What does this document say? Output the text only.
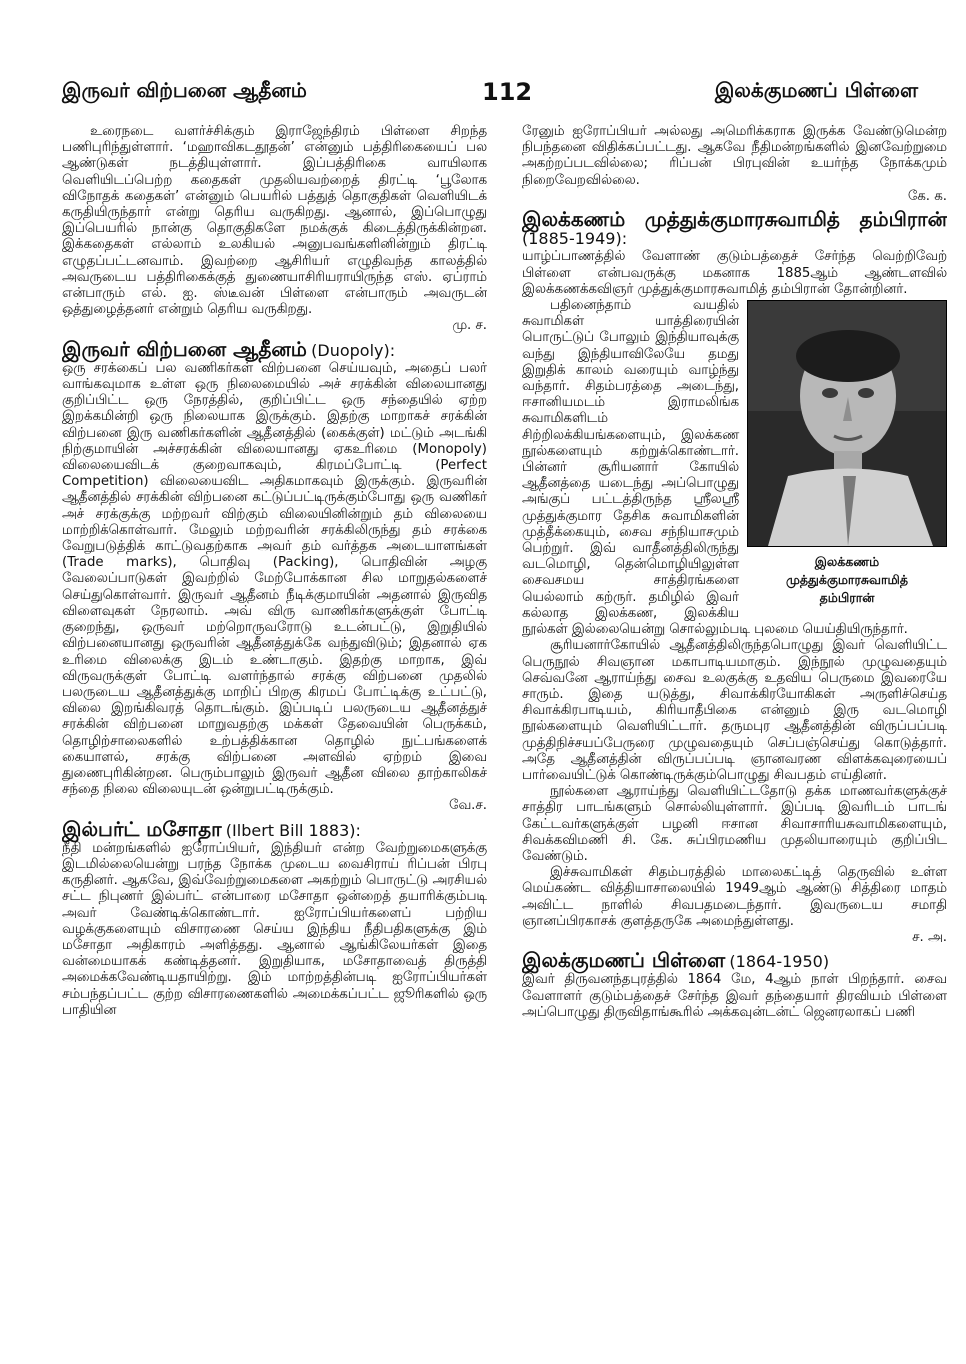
இருவர் விற்பனை ஆதீனம்	112	இலக்குமணப் பிள்ளை

உரைநடை வளர்ச்சிக்கும் இராஜேந்திரம் பிள்ளை சிறந்த பணிபுரிந்துள்ளார். ‘மஹாவிகடதூதன்’ என்னும் பத்திரிகையைப் பல ஆண்டுகள் நடத்தியுள்ளார். இப்பத்திரிகை வாயிலாக வெளியிடப்பெற்ற கதைகள் முதலியவற்றைத் திரட்டி ‘பூலோக விநோதக் கதைகள்’ என்னும் பெயரில் பத்துத் தொகுதிகள் வெளியிடக் கருதியிருந்தார் என்று தெரிய வருகிறது. ஆனால், இப்பொழுது இப்பெயரில் நான்கு தொகுதிகளே நமக்குக் கிடைத்திருக்கின்றன. இக்கதைகள் எல்லாம் உலகியல் அனுபவங்களினின்றும் திரட்டி எழுதப்பட்டனவாம். இவற்றை ஆசிரியர் எழுதிவந்த காலத்தில் அவருடைய பத்திரிகைக்குத் துணையாசிரியராயிருந்த எஸ். ஏப்ராம் என்பாரும் எல். ஐ. ஸ்டீவன் பிள்ளை என்பாரும் அவருடன் ஒத்துழைத்தனர் என்றும் தெரிய வருகிறது.

மு. ச.

இருவர் விற்பனை ஆதீனம் (Duopoly):

ஒரு சரக்கைப் பல வணிகர்கள் விற்பனை செய்யவும், அதைப் பலர் வாங்கவுமாக உள்ள ஒரு நிலைமையில் அச் சரக்கின் விலையானது குறிப்பிட்ட ஒரு நேரத்தில், குறிப்பிட்ட ஒரு சந்தையில் ஏற்ற இறக்கமின்றி ஒரு நிலையாக இருக்கும். இதற்கு மாறாகச் சரக்கின் விற்பனை இரு வணிகர்களின் ஆதீனத்தில் (கைக்குள்) மட்டும் அடங்கி நிற்குமாயின் அச்சரக்கின் விலையானது ஏகஉரிமை (Monopoly) விலையைவிடக் குறைவாகவும், கிரமப்போட்டி (Perfect Competition) விலையைவிட அதிகமாகவும் இருக்கும். இருவரின் ஆதீனத்தில் சரக்கின் விற்பனை கட்டுப்பட்டிருக்கும்போது ஒரு வணிகர் அச் சரக்குக்கு மற்றவர் விற்கும் விலையினின்றும் தம் விலையை மாற்றிக்கொள்வார். மேலும் மற்றவரின் சரக்கிலிருந்து தம் சரக்கை வேறுபடுத்திக் காட்டுவதற்காக அவர் தம் வர்த்தக அடையாளங்கள் (Trade marks), பொதிவு (Packing), பொதிவின் அழகு வேலைப்பாடுகள் இவற்றில் மேற்போக்கான சில மாறுதல்களைச் செய்துகொள்வார். இருவர் ஆதீனம் நீடிக்குமாயின் அதனால் இருவித விளைவுகள் நேரலாம். அவ் விரு வாணிகர்களுக்குள் போட்டி குறைந்து, ஒருவர் மற்றொருவரோடு உடன்பட்டு, இறுதியில் விற்பனையானது ஒருவரின் ஆதீனத்துக்கே வந்துவிடும்; இதனால் ஏக உரிமை விலைக்கு இடம் உண்டாகும். இதற்கு மாறாக, இவ் விருவருக்குள் போட்டி வளர்ந்தால் சரக்கு விற்பனை முதலில் பலருடைய ஆதீனத்துக்கு மாறிப் பிறகு கிரமப் போட்டிக்கு உட்பட்டு, விலை இறங்கிவரத் தொடங்கும். இப்படிப் பலருடைய ஆதீனத்துச் சரக்கின் விற்பனை மாறுவதற்கு மக்கள் தேவையின் பெருக்கம், தொழிற்சாலைகளில் உற்பத்திக்கான தொழில் நுட்பங்களைக் கையாளல், சரக்கு விற்பனை அளவில் ஏற்றம் இவை துணைபுரிகின்றன. பெரும்பாலும் இருவர் ஆதீன விலை தாற்காலிகச் சந்தை நிலை விலையுடன் ஒன்றுபட்டிருக்கும்.

வே.ச.

இல்பர்ட் மசோதா (Ilbert Bill 1883):

நீதி மன்றங்களில் ஐரோப்பியர், இந்தியர் என்ற வேற்றுமைகளுக்கு இடமில்லையென்று பரந்த நோக்க முடைய வைசிராய் ரிப்பன் பிரபு கருதினர். ஆகவே, இவ்வேற்றுமைகளை அகற்றும் பொருட்டு அரசியல் சட்ட நிபுணர் இல்பர்ட் என்பாரை மசோதா ஒன்றைத் தயாரிக்கும்படி அவர் வேண்டிக்கொண்டார். ஐரோப்பியர்களைப் பற்றிய வழக்குகளையும் விசாரணை செய்ய இந்திய நீதிபதிகளுக்கு இம் மசோதா அதிகாரம் அளித்தது. ஆனால் ஆங்கிலேயர்கள் இதை வன்மையாகக் கண்டித்தனர். இறுதியாக, மசோதாவைத் திருத்தி அமைக்கவேண்டியதாயிற்று. இம் மாற்றத்தின்படி ஐரோப்பியர்கள் சம்பந்தப்பட்ட குற்ற விசாரணைகளில் அமைக்கப்பட்ட ஜூரிகளில் ஒரு பாதியின

ரேனும் ஐரோப்பியர் அல்லது அமெரிக்கராக இருக்க வேண்டுமென்ற நிபந்தனை விதிக்கப்பட்டது. ஆகவே நீதிமன்றங்களில் இனவேற்றுமை அகற்றப்படவில்லை; ரிப்பன் பிரபுவின் உயர்ந்த நோக்கமும் நிறைவேறவில்லை.

கே. க.

இலக்கணம் முத்துக்குமாரசுவாமித் தம்பிரான் (1885-1949):

யாழ்ப்பாணத்தில் வேளாண் குடும்பத்தைச் சேர்ந்த வெற்றிவேற் பிள்ளை என்பவருக்கு மகனாக 1885ஆம் ஆண்டளவில் இலக்கணக்கவிஞர் முத்துக்குமாரசுவாமித் தம்பிரான் தோன்றினர்.

இலக்கணம்
முத்துக்குமாரசுவாமித்
தம்பிரான்

பதினைந்தாம் வயதில் சுவாமிகள் யாத்திரையின் பொருட்டுப் போலும் இந்தியாவுக்கு வந்து இந்தியாவிலேயே தமது இறுதிக் காலம் வரையும் வாழ்ந்து வந்தார். சிதம்பரத்தை அடைந்து, ஈசானியமடம் இராமலிங்க சுவாமிகளிடம் சிற்றிலக்கியங்களையும், இலக்கண நூல்களையும் கற்றுக்கொண்டார். பின்னர் சூரியனார் கோயில் ஆதீனத்தை யடைந்து அப்பொழுது அங்குப் பட்டத்திருந்த ஸ்ரீலஸ்ரீ முத்துக்குமார தேசிக சுவாமிகளின் முத்தீக்கையும், சைவ சந்நியாசமும் பெற்றுர். இவ் வாதீனத்திலிருந்து வடமொழி, தென்மொழியிலுள்ள சைவசமய சாத்திரங்களை யெல்லாம் கற்ருர். தமிழில் இவர் கல்லாத இலக்கண, இலக்கிய நூல்கள் இல்லையென்று சொல்லும்படி புலமை யெய்தியிருந்தார்.

சூரியனார்கோயில் ஆதீனத்திலிருந்தபொழுது இவர் வெளியிட்ட பெருநூல் சிவஞான மகாபாடியமாகும். இந்நூல் முழுவதையும் செவ்வனே ஆராய்ந்து சைவ உலகுக்கு உதவிய பெருமை இவரையே சாரும். இதை யடுத்து, சிவாக்கிரயோகிகள் அருளிச்செய்த சிவாக்கிரபாடியம், கிரியாதீபிகை என்னும் இரு வடமொழி நூல்களையும் வெளியிட்டார். தருமபுர ஆதீனத்தின் விருப்பப்படி முத்திநிச்சயப்பேருரை முழுவதையும் செப்பஞ்செய்து கொடுத்தார். அதே ஆதீனத்தின் விருப்பப்படி ஞானவரண விளக்கவுரையைப் பார்வையிட்டுக் கொண்டிருக்கும்பொழுது சிவபதம் எய்தினர்.

நூல்களை ஆராய்ந்து வெளியிட்டதோடு தக்க மாணவர்களுக்குச் சாத்திர பாடங்களும் சொல்லியுள்ளார். இப்படி இவரிடம் பாடங் கேட்டவர்களுக்குள் பழனி ஈசான சிவாசாரியசுவாமிகளையும், சிவக்கவிமணி சி. கே. சுப்பிரமணிய முதலியாரையும் குறிப்பிட வேண்டும்.

இச்சுவாமிகள் சிதம்பரத்தில் மாலைகட்டித் தெருவில் உள்ள மெய்கண்ட வித்தியாசாலையில் 1949ஆம் ஆண்டு சித்திரை மாதம் அவிட்ட நாளில் சிவபதமடைந்தார். இவருடைய சமாதி ஞானப்பிரகாசக் குளத்தருகே அமைந்துள்ளது.

ச. அ.

இலக்குமணப் பிள்ளை (1864-1950)

இவர் திருவனந்தபுரத்தில் 1864 மே, 4ஆம் நாள் பிறந்தார். சைவ வேளாளர் குடும்பத்தைச் சேர்ந்த இவர் தந்தையார் திரவியம் பிள்ளை அப்பொழுது திருவிதாங்கூரில் அக்கவுன்டன்ட் ஜெனரலாகப் பணி
